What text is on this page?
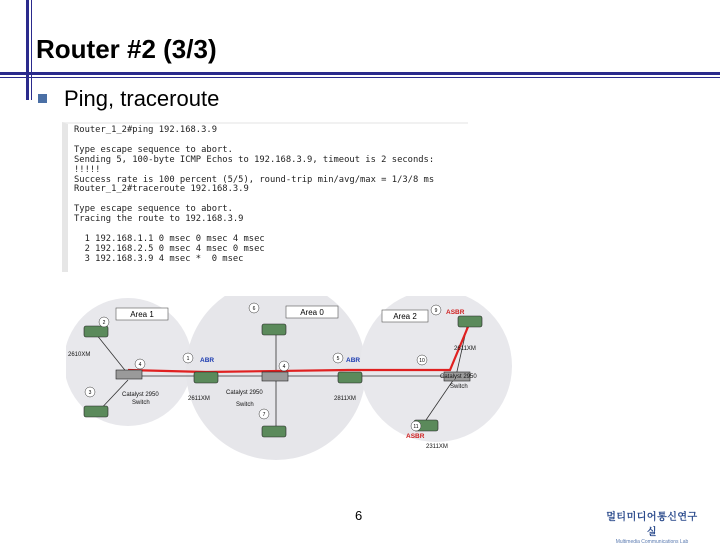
Router #2 (3/3)
Ping, traceroute
Router_1_2#ping 192.168.3.9

Type escape sequence to abort.
Sending 5, 100-byte ICMP Echos to 192.168.3.9, timeout is 2 seconds:
!!!!!
Success rate is 100 percent (5/5), round-trip min/avg/max = 1/3/8 ms
Router_1_2#traceroute 192.168.3.9

Type escape sequence to abort.
Tracing the route to 192.168.3.9

1 192.168.1.1 0 msec 0 msec 4 msec
2 192.168.2.5 0 msec 4 msec 0 msec
3 192.168.3.9 4 msec *  0 msec

Area 1	Area 0	Area 2
2
3
4
1
6
4
7
5
9
10
11
ABR	ABR
ASBR
ASBR
2610XM
Catalyst 2950
Switch
2611XM
Catalyst 2950
Switch
2811XM
2611XM
Catalyst 2950
Switch
2311XM
6	멀티미디어통신연구실
Multimedia Communications Lab
